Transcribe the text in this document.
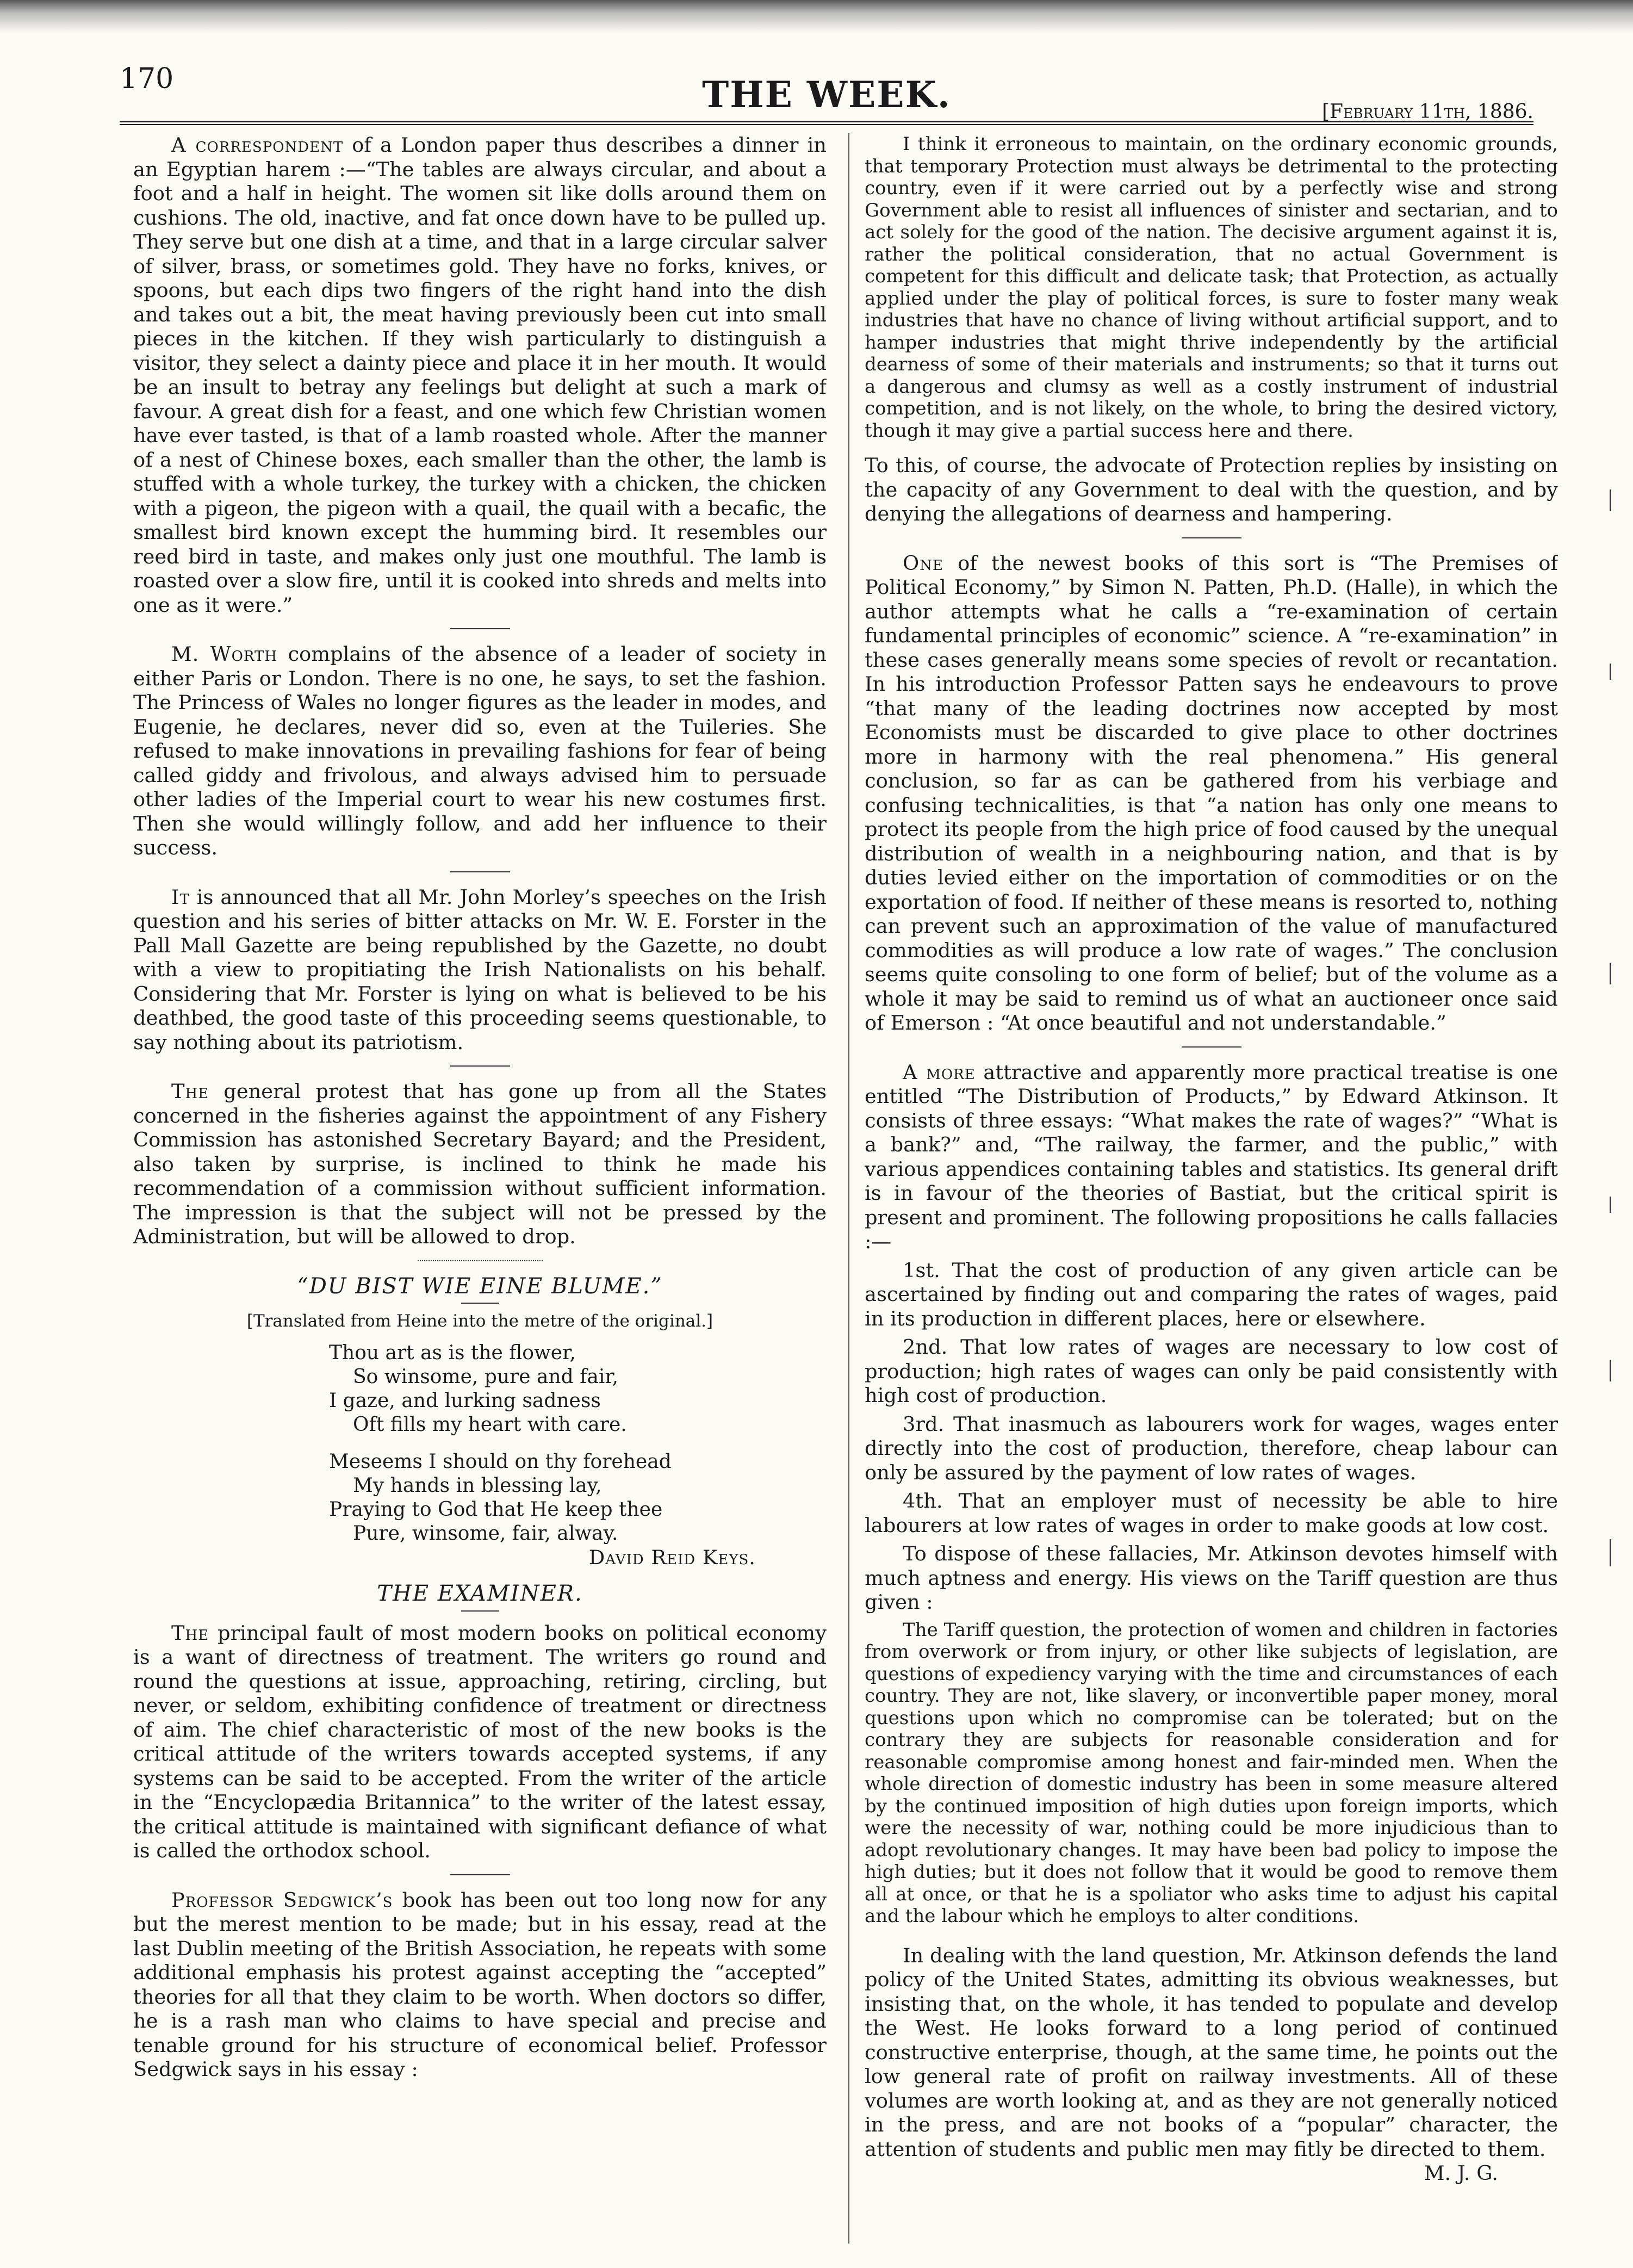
170	THE WEEK.	[February 11th, 1886.

A correspondent of a London paper thus describes a dinner in an Egyptian harem :—“The tables are always circular, and about a foot and a half in height. The women sit like dolls around them on cushions. The old, inactive, and fat once down have to be pulled up. They serve but one dish at a time, and that in a large circular salver of silver, brass, or sometimes gold. They have no forks, knives, or spoons, but each dips two fingers of the right hand into the dish and takes out a bit, the meat having previously been cut into small pieces in the kitchen. If they wish particularly to distinguish a visitor, they select a dainty piece and place it in her mouth. It would be an insult to betray any feelings but delight at such a mark of favour. A great dish for a feast, and one which few Christian women have ever tasted, is that of a lamb roasted whole. After the manner of a nest of Chinese boxes, each smaller than the other, the lamb is stuffed with a whole turkey, the turkey with a chicken, the chicken with a pigeon, the pigeon with a quail, the quail with a becafic, the smallest bird known except the humming bird. It resembles our reed bird in taste, and makes only just one mouthful. The lamb is roasted over a slow fire, until it is cooked into shreds and melts into one as it were.”

M. Worth complains of the absence of a leader of society in either Paris or London. There is no one, he says, to set the fashion. The Princess of Wales no longer figures as the leader in modes, and Eugenie, he declares, never did so, even at the Tuileries. She refused to make innovations in prevailing fashions for fear of being called giddy and frivolous, and always advised him to persuade other ladies of the Imperial court to wear his new costumes first. Then she would willingly follow, and add her influence to their success.

It is announced that all Mr. John Morley’s speeches on the Irish question and his series of bitter attacks on Mr. W. E. Forster in the Pall Mall Gazette are being republished by the Gazette, no doubt with a view to propitiating the Irish Nationalists on his behalf. Considering that Mr. Forster is lying on what is believed to be his deathbed, the good taste of this proceeding seems questionable, to say nothing about its patriotism.

The general protest that has gone up from all the States concerned in the fisheries against the appointment of any Fishery Commission has astonished Secretary Bayard; and the President, also taken by surprise, is inclined to think he made his recommendation of a commission without sufficient information. The impression is that the subject will not be pressed by the Administration, but will be allowed to drop.

“DU BIST WIE EINE BLUME.”
[Translated from Heine into the metre of the original.]
Thou art as is the flower,
So winsome, pure and fair,
I gaze, and lurking sadness
Oft fills my heart with care.
Meseems I should on thy forehead
My hands in blessing lay,
Praying to God that He keep thee
Pure, winsome, fair, alway.
David Reid Keys.
THE EXAMINER.

The principal fault of most modern books on political economy is a want of directness of treatment. The writers go round and round the questions at issue, approaching, retiring, circling, but never, or seldom, exhibiting confidence of treatment or directness of aim. The chief characteristic of most of the new books is the critical attitude of the writers towards accepted systems, if any systems can be said to be accepted. From the writer of the article in the “Encyclopædia Britannica” to the writer of the latest essay, the critical attitude is maintained with significant defiance of what is called the orthodox school.

Professor Sedgwick’s book has been out too long now for any but the merest mention to be made; but in his essay, read at the last Dublin meeting of the British Association, he repeats with some additional emphasis his protest against accepting the “accepted” theories for all that they claim to be worth. When doctors so differ, he is a rash man who claims to have special and precise and tenable ground for his structure of economical belief. Professor Sedgwick says in his essay :

I think it erroneous to maintain, on the ordinary economic grounds, that temporary Protection must always be detrimental to the protecting country, even if it were carried out by a perfectly wise and strong Government able to resist all influences of sinister and sectarian, and to act solely for the good of the nation. The decisive argument against it is, rather the political consideration, that no actual Government is competent for this difficult and delicate task; that Protection, as actually applied under the play of political forces, is sure to foster many weak industries that have no chance of living without artificial support, and to hamper industries that might thrive independently by the artificial dearness of some of their materials and instruments; so that it turns out a dangerous and clumsy as well as a costly instrument of industrial competition, and is not likely, on the whole, to bring the desired victory, though it may give a partial success here and there.

To this, of course, the advocate of Protection replies by insisting on the capacity of any Government to deal with the question, and by denying the allegations of dearness and hampering.

One of the newest books of this sort is “The Premises of Political Economy,” by Simon N. Patten, Ph.D. (Halle), in which the author attempts what he calls a “re-examination of certain fundamental principles of economic” science. A “re-examination” in these cases generally means some species of revolt or recantation. In his introduction Professor Patten says he endeavours to prove “that many of the leading doctrines now accepted by most Economists must be discarded to give place to other doctrines more in harmony with the real phenomena.” His general conclusion, so far as can be gathered from his verbiage and confusing technicalities, is that “a nation has only one means to protect its people from the high price of food caused by the unequal distribution of wealth in a neighbouring nation, and that is by duties levied either on the importation of commodities or on the exportation of food. If neither of these means is resorted to, nothing can prevent such an approximation of the value of manufactured commodities as will produce a low rate of wages.” The conclusion seems quite consoling to one form of belief; but of the volume as a whole it may be said to remind us of what an auctioneer once said of Emerson : “At once beautiful and not understandable.”

A more attractive and apparently more practical treatise is one entitled “The Distribution of Products,” by Edward Atkinson. It consists of three essays: “What makes the rate of wages?” “What is a bank?” and, “The railway, the farmer, and the public,” with various appendices containing tables and statistics. Its general drift is in favour of the theories of Bastiat, but the critical spirit is present and prominent. The following propositions he calls fallacies :—

1st. That the cost of production of any given article can be ascertained by finding out and comparing the rates of wages, paid in its production in different places, here or elsewhere.

2nd. That low rates of wages are necessary to low cost of production; high rates of wages can only be paid consistently with high cost of production.

3rd. That inasmuch as labourers work for wages, wages enter directly into the cost of production, therefore, cheap labour can only be assured by the payment of low rates of wages.

4th. That an employer must of necessity be able to hire labourers at low rates of wages in order to make goods at low cost.

To dispose of these fallacies, Mr. Atkinson devotes himself with much aptness and energy. His views on the Tariff question are thus given :

The Tariff question, the protection of women and children in factories from overwork or from injury, or other like subjects of legislation, are questions of expediency varying with the time and circumstances of each country. They are not, like slavery, or inconvertible paper money, moral questions upon which no compromise can be tolerated; but on the contrary they are subjects for reasonable consideration and for reasonable compromise among honest and fair-minded men. When the whole direction of domestic industry has been in some measure altered by the continued imposition of high duties upon foreign imports, which were the necessity of war, nothing could be more injudicious than to adopt revolutionary changes. It may have been bad policy to impose the high duties; but it does not follow that it would be good to remove them all at once, or that he is a spoliator who asks time to adjust his capital and the labour which he employs to alter conditions.

In dealing with the land question, Mr. Atkinson defends the land policy of the United States, admitting its obvious weaknesses, but insisting that, on the whole, it has tended to populate and develop the West. He looks forward to a long period of continued constructive enterprise, though, at the same time, he points out the low general rate of profit on railway investments. All of these volumes are worth looking at, and as they are not generally noticed in the press, and are not books of a “popular” character, the attention of students and public men may fitly be directed to them.

M. J. G.
